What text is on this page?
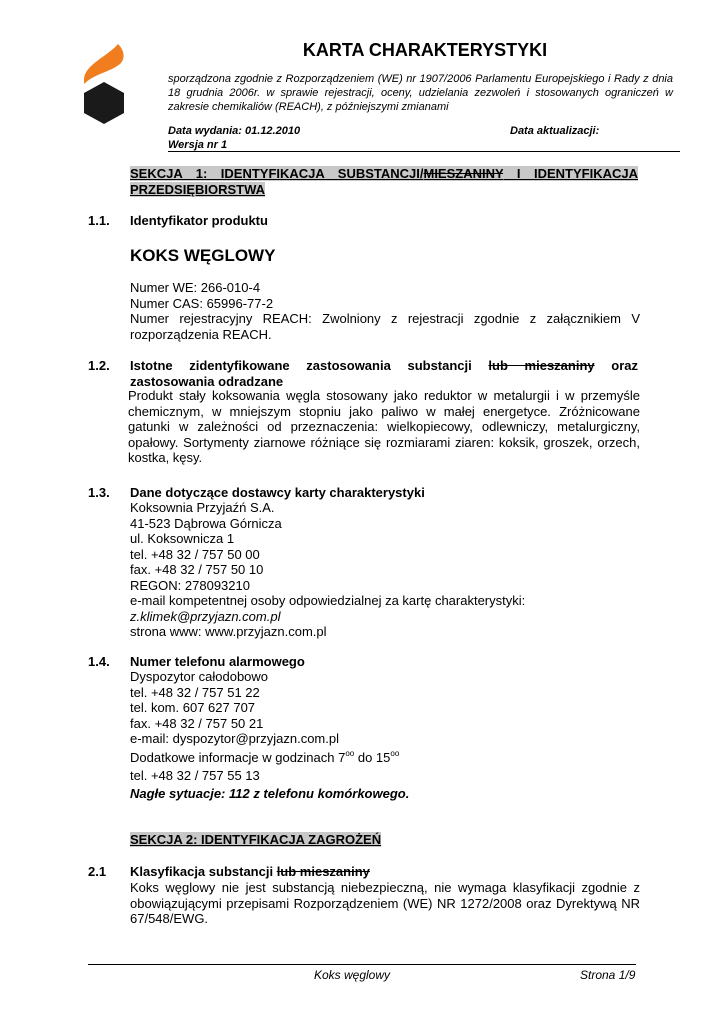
KARTA CHARAKTERYSTYKI
sporządzona zgodnie z Rozporządzeniem (WE) nr 1907/2006 Parlamentu Europejskiego i Rady z dnia 18 grudnia 2006r. w sprawie rejestracji, oceny, udzielania zezwoleń i stosowanych ograniczeń w zakresie chemikaliów (REACH), z późniejszymi zmianami
Data wydania: 01.12.2010
Wersja nr 1
Data aktualizacji:
SEKCJA 1: IDENTYFIKACJA SUBSTANCJI/MIESZANINY I IDENTYFIKACJA PRZEDSIĘBIORSTWA
1.1. Identyfikator produktu
KOKS WĘGLOWY
Numer WE: 266-010-4
Numer CAS: 65996-77-2
Numer rejestracyjny REACH: Zwolniony z rejestracji zgodnie z załącznikiem V rozporządzenia REACH.
1.2. Istotne zidentyfikowane zastosowania substancji lub mieszaniny oraz zastosowania odradzane
Produkt stały koksowania węgla stosowany jako reduktor w metalurgii i w przemyśle chemicznym, w mniejszym stopniu jako paliwo w małej energetyce. Zróżnicowane gatunki w zależności od przeznaczenia: wielkopiecowy, odlewniczy, metalurgiczny, opałowy. Sortymenty ziarnowe różniące się rozmiarami ziaren: koksik, groszek, orzech, kostka, kęsy.
1.3. Dane dotyczące dostawcy karty charakterystyki
Koksownia Przyjaźń S.A.
41-523 Dąbrowa Górnicza
ul. Koksownicza 1
tel. +48 32 / 757 50 00
fax. +48 32 / 757 50 10
REGON: 278093210
e-mail kompetentnej osoby odpowiedzialnej za kartę charakterystyki:
z.klimek@przyjazn.com.pl
strona www: www.przyjazn.com.pl
1.4. Numer telefonu alarmowego
Dyspozytor całodobowo
tel. +48 32 / 757 51 22
tel. kom. 607 627 707
fax. +48 32 / 757 50 21
e-mail: dyspozytor@przyjazn.com.pl
Dodatkowe informacje w godzinach $7^{oo}$ do $15^{oo}$
tel. +48 32 / 757 55 13
Nagłe sytuacje: 112 z telefonu komórkowego.
SEKCJA 2: IDENTYFIKACJA ZAGROŻEŃ
2.1 Klasyfikacja substancji lub mieszaniny
Koks węglowy nie jest substancją niebezpieczną, nie wymaga klasyfikacji zgodnie z obowiązującymi przepisami Rozporządzeniem (WE) NR 1272/2008 oraz Dyrektywą NR 67/548/EWG.
Koks węglowy	Strona 1/9
